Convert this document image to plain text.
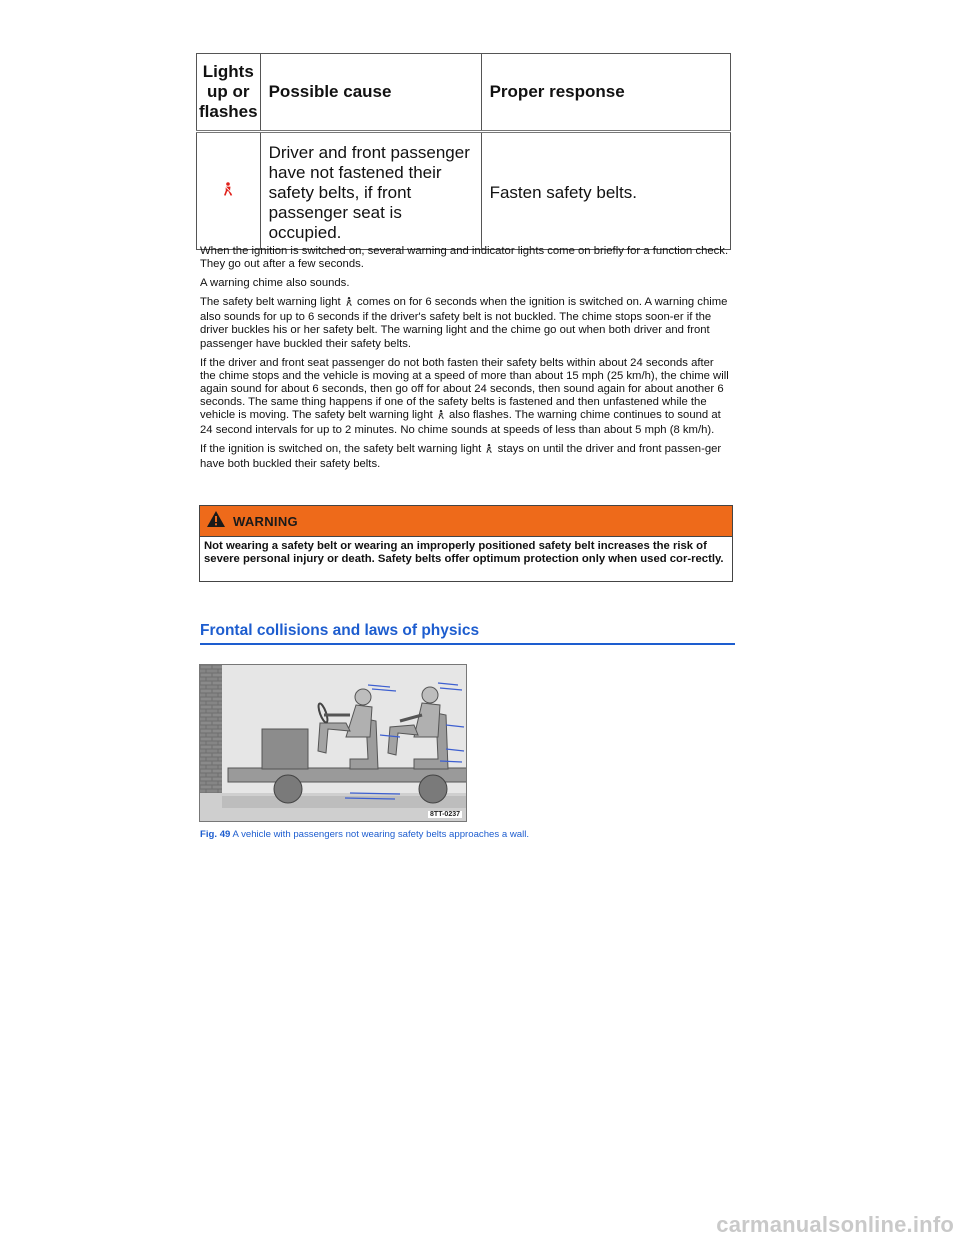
Lights up or flashes	Possible cause	Proper response
	Driver and front passenger have not fastened their safety belts, if front passenger seat is occupied.	Fasten safety belts.

When the ignition is switched on, several warning and indicator lights come on briefly for a function check. They go out after a few seconds.

A warning chime also sounds.

The safety belt warning light comes on for 6 seconds when the ignition is switched on. A warning chime also sounds for up to 6 seconds if the driver's safety belt is not buckled. The chime stops soon-er if the driver buckles his or her safety belt. The warning light and the chime go out when both driver and front passenger have buckled their safety belts.

If the driver and front seat passenger do not both fasten their safety belts within about 24 seconds after the chime stops and the vehicle is moving at a speed of more than about 15 mph (25 km/h), the chime will again sound for about 6 seconds, then go off for about 24 seconds, then sound again for about another 6 seconds. The same thing happens if one of the safety belts is fastened and then unfastened while the vehicle is moving. The safety belt warning light also flashes. The warning chime continues to sound at 24 second intervals for up to 2 minutes. No chime sounds at speeds of less than about 5 mph (8 km/h).

If the ignition is switched on, the safety belt warning light stays on until the driver and front passen-ger have both buckled their safety belts.

WARNING
Not wearing a safety belt or wearing an improperly positioned safety belt increases the risk of severe personal injury or death. Safety belts offer optimum protection only when used cor-rectly.
Frontal collisions and laws of physics
8TT-0237
Fig. 49 A vehicle with passengers not wearing safety belts approaches a wall.
carmanualsonline.info
